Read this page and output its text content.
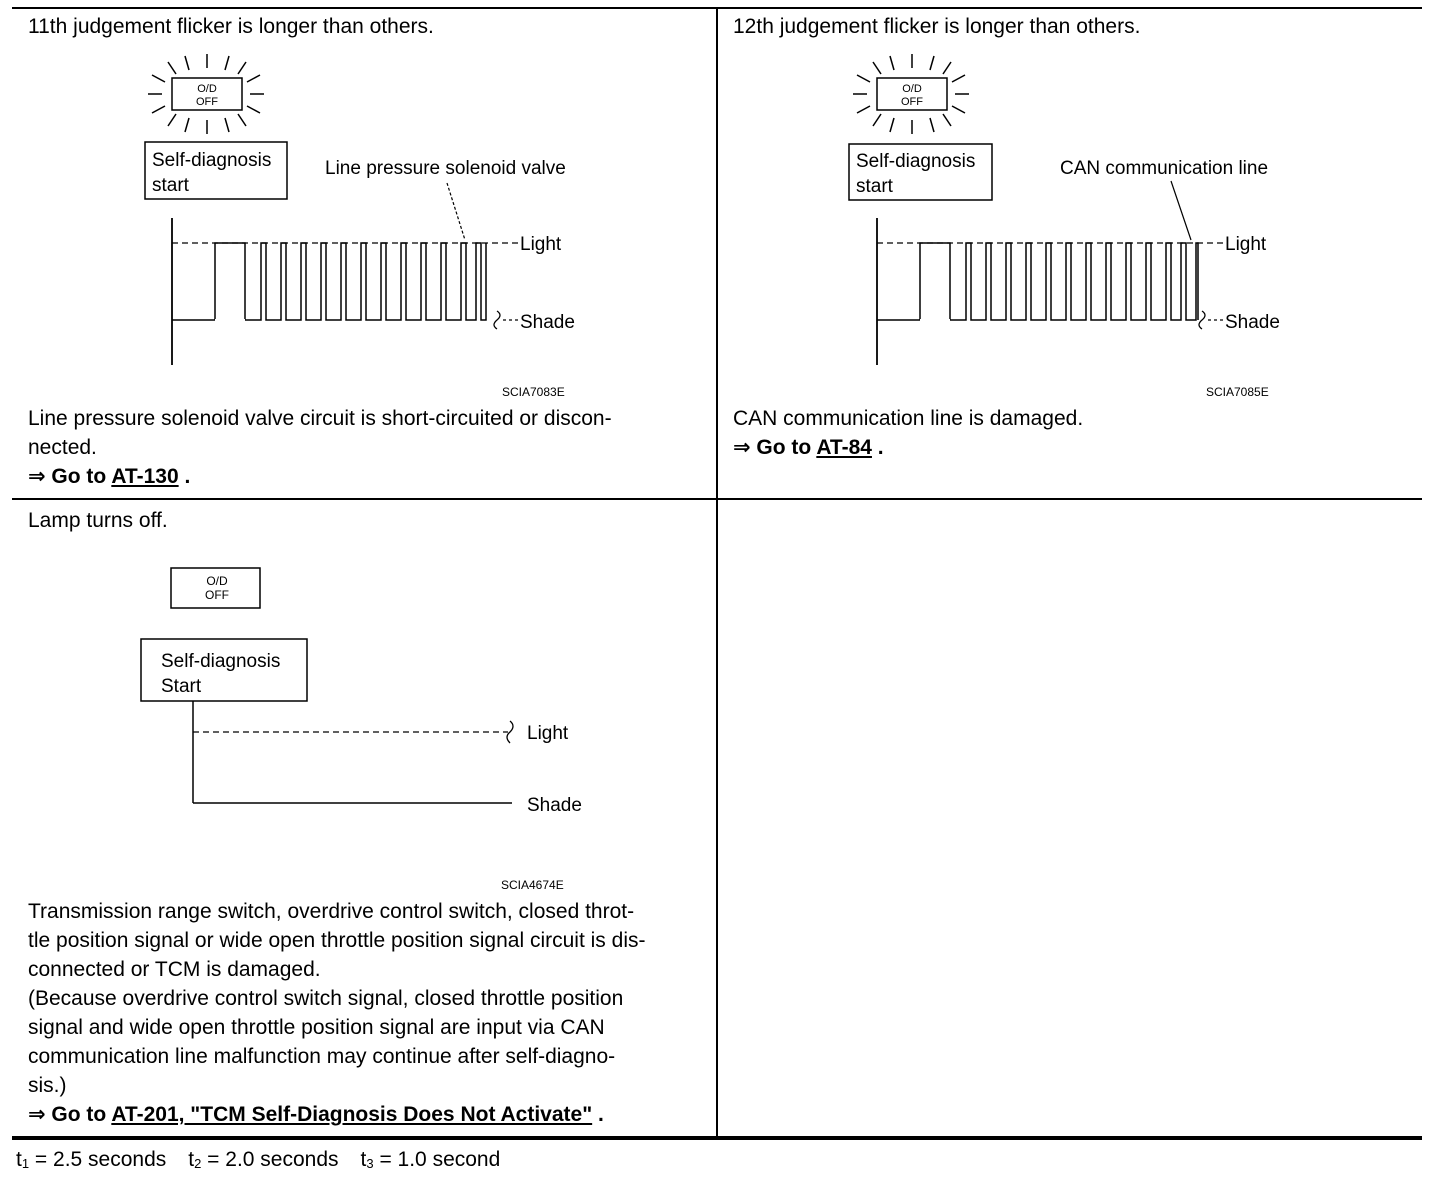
11th judgement flicker is longer than others.
O/D
OFF
Self-diagnosis
start
Line pressure solenoid valve
Light
Shade
SCIA7083E

Line pressure solenoid valve circuit is short-circuited or discon-

nected.

⇒ Go to AT-130 .

12th judgement flicker is longer than others.
O/D
OFF
Self-diagnosis
start
CAN communication line
Light
Shade
SCIA7085E

CAN communication line is damaged.

⇒ Go to AT-84 .

Lamp turns off.
O/D
OFF
Self-diagnosis
Start
Light
Shade
SCIA4674E

Transmission range switch, overdrive control switch, closed throt-

tle position signal or wide open throttle position signal circuit is dis-

connected or TCM is damaged.

(Because overdrive control switch signal, closed throttle position

signal and wide open throttle position signal are input via CAN

communication line malfunction may continue after self-diagno-

sis.)

⇒ Go to AT-201, "TCM Self-Diagnosis Does Not Activate" .

$t_1 = 2.5$ seconds $t_2 = 2.0$ seconds $t_3 = 1.0$ second
